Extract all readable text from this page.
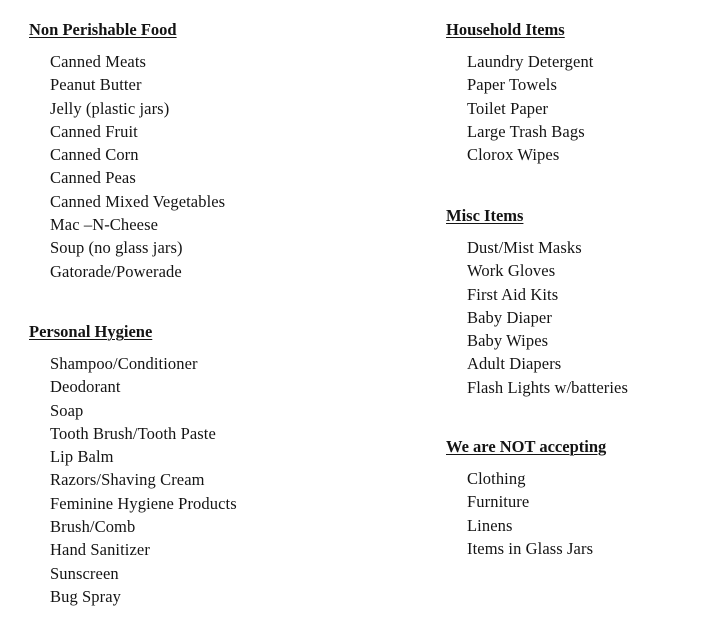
Non Perishable Food
Canned Meats
Peanut Butter
Jelly (plastic jars)
Canned Fruit
Canned Corn
Canned Peas
Canned Mixed Vegetables
Mac –N-Cheese
Soup (no glass jars)
Gatorade/Powerade
Personal Hygiene
Shampoo/Conditioner
Deodorant
Soap
Tooth Brush/Tooth Paste
Lip Balm
Razors/Shaving Cream
Feminine Hygiene Products
Brush/Comb
Hand Sanitizer
Sunscreen
Bug Spray
Household Items
Laundry Detergent
Paper Towels
Toilet Paper
Large Trash Bags
Clorox Wipes
Misc Items
Dust/Mist Masks
Work Gloves
First Aid Kits
Baby Diaper
Baby Wipes
Adult Diapers
Flash Lights w/batteries
We are NOT accepting
Clothing
Furniture
Linens
Items in Glass Jars
